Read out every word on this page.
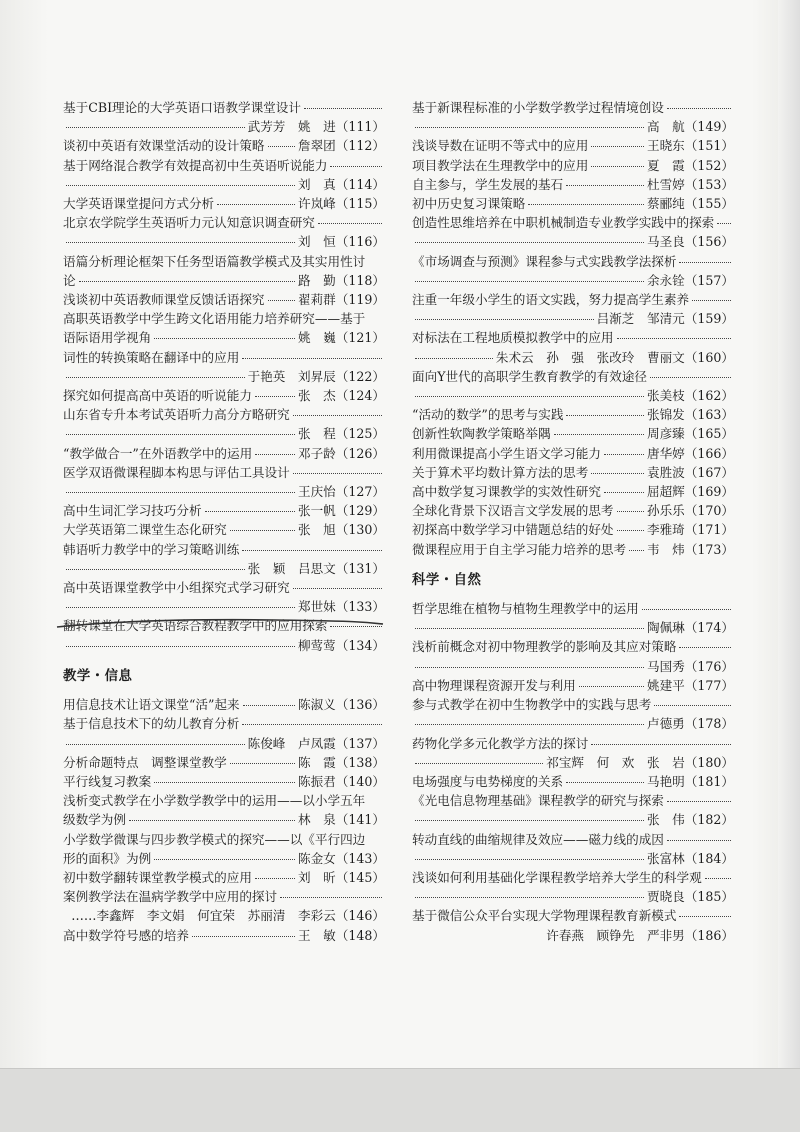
基于CBI理论的大学英语口语教学课堂设计
武芳芳　姚　进 （111）
谈初中英语有效课堂活动的设计策略	詹翠团 （112）
基于网络混合教学有效提高初中生英语听说能力
刘　真 （114）
大学英语课堂提问方式分析	许岚峰 （115）
北京农学院学生英语听力元认知意识调查研究
刘　恒 （116）
语篇分析理论框架下任务型语篇教学模式及其实用性讨
论	路　勤 （118）
浅谈初中英语教师课堂反馈话语探究	翟莉群 （119）
高职英语教学中学生跨文化语用能力培养研究——基于
语际语用学视角	姚　巍 （121）
词性的转换策略在翻译中的应用
于艳英　刘昇辰 （122）
探究如何提高高中英语的听说能力	张　杰 （124）
山东省专升本考试英语听力高分方略研究
张　程 （125）
“教学做合一”在外语教学中的运用	邓子龄 （126）
医学双语微课程脚本构思与评估工具设计
王庆怡 （127）
高中生词汇学习技巧分析	张一帆 （129）
大学英语第二课堂生态化研究	张　旭 （130）
韩语听力教学中的学习策略训练
张　颖　吕思文 （131）
高中英语课堂教学中小组探究式学习研究
郑世妹 （133）
翻转课堂在大学英语综合教程教学中的应用探索
柳莺莺 （134）
教学・信息
用信息技术让语文课堂“活”起来	陈淑义 （136）
基于信息技术下的幼儿教育分析
陈俊峰　卢凤霞 （137）
分析命题特点　调整课堂教学	陈　霞 （138）
平行线复习教案	陈振君 （140）
浅析变式教学在小学数学教学中的运用——以小学五年
级数学为例	林　泉 （141）
小学数学微课与四步教学模式的探究——以《平行四边
形的面积》为例	陈金女 （143）
初中数学翻转课堂教学模式的应用	刘　昕 （145）
案例教学法在温病学教学中应用的探讨
……李鑫辉　李文娟　何宜荣　苏丽清　李彩云 （146）
高中数学符号感的培养	王　敏 （148）
基于新课程标准的小学数学教学过程情境创设
高　航 （149）
浅谈导数在证明不等式中的应用	王晓东 （151）
项目教学法在生理教学中的应用	夏　霞 （152）
自主参与，学生发展的基石	杜雪婷 （153）
初中历史复习课策略	蔡郦纯 （155）
创造性思维培养在中职机械制造专业教学实践中的探索
马圣良 （156）
《市场调查与预测》课程参与式实践教学法探析
余永铨 （157）
注重一年级小学生的语文实践，努力提高学生素养
吕渐芝　邹清元 （159）
对标法在工程地质模拟教学中的应用
朱术云　孙　强　张改玲　曹丽文 （160）
面向Y世代的高职学生教育教学的有效途径
张美枝 （162）
“活动的数学”的思考与实践	张锦发 （163）
创新性软陶教学策略举隅	周彦臻 （165）
利用微课提高小学生语文学习能力	唐华婷 （166）
关于算术平均数计算方法的思考	袁胜波 （167）
高中数学复习课教学的实效性研究	屈超辉 （169）
全球化背景下汉语言文学发展的思考	孙乐乐 （170）
初探高中数学学习中错题总结的好处	李雅琦 （171）
微课程应用于自主学习能力培养的思考 韦　炜 （173）
科学・自然
哲学思维在植物与植物生理教学中的运用
陶佩琳 （174）
浅析前概念对初中物理教学的影响及其应对策略
马国秀 （176）
高中物理课程资源开发与利用	姚建平 （177）
参与式教学在初中生物教学中的实践与思考
卢德勇 （178）
药物化学多元化教学方法的探讨
祁宝辉　何　欢　张　岩 （180）
电场强度与电势梯度的关系	马艳明 （181）
《光电信息物理基础》课程教学的研究与探索
张　伟 （182）
转动直线的曲缩规律及效应——磁力线的成因
张富林 （184）
浅谈如何利用基础化学课程教学培养大学生的科学观
贾晓良 （185）
基于微信公众平台实现大学物理课程教育新模式
许春燕　顾铮先　严非男 （186）
